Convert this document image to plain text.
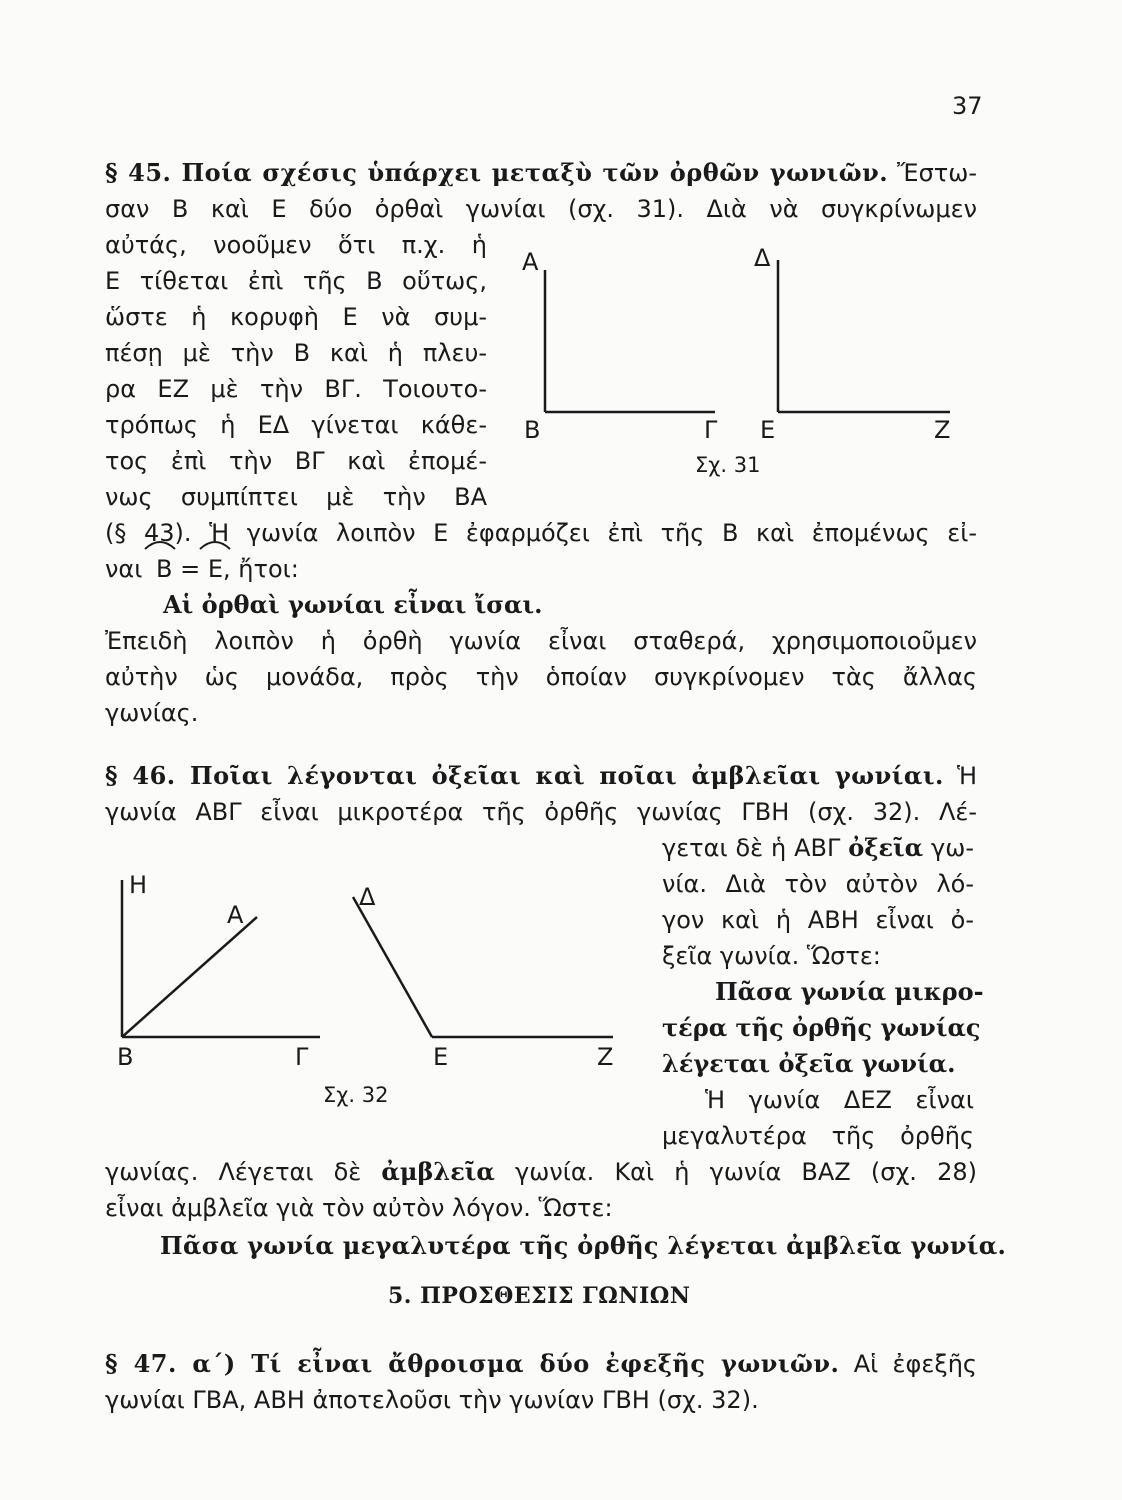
37
§ 45. Ποία σχέσις ὑπάρχει μεταξὺ τῶν ὀρθῶν γωνιῶν. Ἔστω-
σαν Β καὶ Ε δύο ὀρθαὶ γωνίαι (σχ. 31). Διὰ νὰ συγκρίνωμεν
αὐτάς, νοοῦμεν ὅτι π.χ. ἡ
Ε τίθεται ἐπὶ τῆς Β οὕτως,
ὥστε ἡ κορυφὴ Ε νὰ συμ-
πέσῃ μὲ τὴν Β καὶ ἡ πλευ-
ρα ΕΖ μὲ τὴν ΒΓ. Τοιουτο-
τρόπως ἡ ΕΔ γίνεται κάθε-
τος ἐπὶ τὴν ΒΓ καὶ ἐπομέ-
νως συμπίπτει μὲ τὴν ΒΑ
(§ 43). Ἡ γωνία λοιπὸν Ε ἐφαρμόζει ἐπὶ τῆς Β καὶ ἐπομένως εἰ-
ναι Β = Ε, ἤτοι:
Αἱ ὀρθαὶ γωνίαι εἶναι ἴσαι.
Ἐπειδὴ λοιπὸν ἡ ὀρθὴ γωνία εἶναι σταθερά, χρησιμοποιοῦμεν
αὐτὴν ὡς μονάδα, πρὸς τὴν ὁποίαν συγκρίνομεν τὰς ἄλλας
γωνίας.
Α
Β	Γ
Δ
Ε	Ζ
Σχ. 31
§ 46. Ποῖαι λέγονται ὀξεῖαι καὶ ποῖαι ἀμβλεῖαι γωνίαι. Ἡ
γωνία ΑΒΓ εἶναι μικροτέρα τῆς ὀρθῆς γωνίας ΓΒΗ (σχ. 32). Λέ-
γεται δὲ ἡ ΑΒΓ ὀξεῖα γω-
νία. Διὰ τὸν αὐτὸν λό-
γον καὶ ἡ ΑΒΗ εἶναι ὀ-
ξεῖα γωνία. Ὥστε:
Πᾶσα γωνία μικρο-
τέρα τῆς ὀρθῆς γωνίας
λέγεται ὀξεῖα γωνία.
Ἡ γωνία ΔΕΖ εἶναι
μεγαλυτέρα τῆς ὀρθῆς
γωνίας. Λέγεται δὲ ἀμβλεῖα γωνία. Καὶ ἡ γωνία ΒΑΖ (σχ. 28)
εἶναι ἀμβλεῖα γιὰ τὸν αὐτὸν λόγον. Ὥστε:
Πᾶσα γωνία μεγαλυτέρα τῆς ὀρθῆς λέγεται ἀμβλεῖα γωνία.
Η
Α
Β	Γ
Δ
Ε	Ζ
Σχ. 32
5. ΠΡΟΣΘΕΣΙΣ ΓΩΝΙΩΝ
§ 47. α΄) Τί εἶναι ἄθροισμα δύο ἐφεξῆς γωνιῶν. Αἱ ἐφεξῆς
γωνίαι ΓΒΑ, ΑΒΗ ἀποτελοῦσι τὴν γωνίαν ΓΒΗ (σχ. 32).
